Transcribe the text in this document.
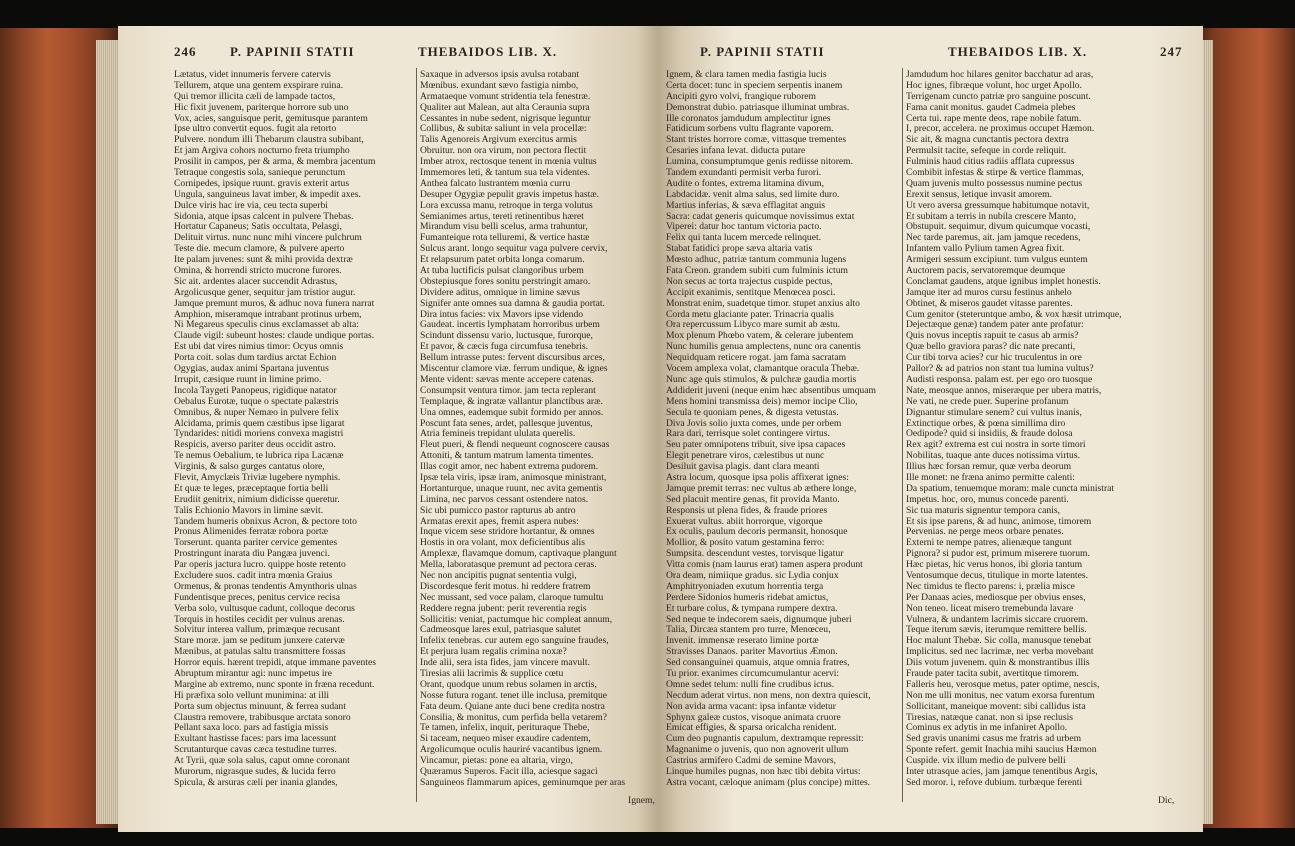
246	P. PAPINII STATII	THEBAIDOS LIB. X.
Lætatus, videt innumeris fervere catervis
Tellurem, atque una gentem exspirare ruina.
Qui tremor illicita cæli de lampade tactos,
Hic fixit juvenem, pariterque horrore sub uno
Vox, acies, sanguisque perit, gemitusque parantem
Ipse ultro convertit equos. fugit ala retorto
Pulvere. nondum illi Thebarum claustra subibant,
Et jam Argiva cohors nocturno freta triumpho
Prosilit in campos, per & arma, & membra jacentum
Tetraque congestis sola, sanieque perunctum
Cornipedes, ipsique ruunt. gravis exterit artus
Ungula, sanguineus lavat imber, & impedit axes.
Dulce viris hac ire via, ceu tecta superbi
Sidonia, atque ipsas calcent in pulvere Thebas.
Hortatur Capaneus; Satis occultata, Pelasgi,
Delituit virtus. nunc nunc mihi vincere pulchrum
Teste die. mecum clamore, & pulvere aperto
Ite palam juvenes: sunt & mihi provida dextræ
Omina, & horrendi stricto mucrone furores.
Sic ait. ardentes alacer succendit Adrastus,
Argolicusque gener, sequitur jam tristior augur.
Jamque premunt muros, & adhuc nova funera narrat
Amphion, miseramque intrabant protinus urbem,
Ni Megareus speculis cinus exclamasset ab alta:
Claude vigil: subeunt hostes: claude undique portas.
Est ubi dat vires nimius timor: Ocyus omnis
Porta coit. solas dum tardius arctat Echion
Ogygias, audax animi Spartana juventus
Irrupit, cæsique ruunt in limine primo.
Incola Taygeti Panopeus, rigidique natator
Oebalus Eurotæ, tuque o spectate palæstris
Omnibus, & nuper Nemæo in pulvere felix
Alcidama, primis quem cæstibus ipse ligarat
Tyndarides: nitidi moriens convexa magistri
Respicis, averso pariter deus occidit astro.
Te nemus Oebalium, te lubrica ripa Lacænæ
Virginis, & salso gurges cantatus olore,
Flevit, Amyclæis Triviæ lugebere nymphis.
Et quæ te leges, præceptaque fortia belli
Erudiit genitrix, nimium didicisse queretur.
Talis Echionio Mavors in limine sævit.
Tandem humeris obnixus Acron, & pectore toto
Pronus Alimenides ferratæ robora portæ
Torserunt. quanta pariter cervice gementes
Prostringunt inarata diu Pangæa juvenci.
Par operis jactura lucro. quippe hoste retento
Excludere suos. cadit intra mœnia Graius
Ormenus, & pronas tendentis Amynthoris ulnas
Fundentisque preces, penitus cervice recisa
Verba solo, vultusque cadunt, colloque decorus
Torquis in hostiles cecidit per vulnus arenas.
Solvitur interea vallum, primæque recusant
Stare moræ. jam se peditum junxere catervæ
Mænibus, at patulas saltu transmittere fossas
Horror equis. hærent trepidi, atque immane paventes
Abruptum mirantur agi: nunc impetus ire
Margine ab extremo, nunc sponte in fræna recedunt.
Hi præfixa solo vellunt munimina: at illi
Porta sum objectus minuunt, & ferrea sudant
Claustra removere, trabibusque arctata sonoro
Pellant saxa loco. pars ad fastigia missis
Exultant hastisse faces: pars ima lacessunt
Scrutanturque cavas cæca testudine turres.
At Tyrii, quæ sola salus, caput omne coronant
Murorum, nigrasque sudes, & lucida ferro
Spicula, & arsuras cæli per inania glandes,
Saxaque in adversos ipsis avulsa rotabant
Mœnibus. exundant sævo fastigia nimbo,
Armataeque vomunt stridentia tela fenestræ.
Qualiter aut Malean, aut alta Ceraunia supra
Cessantes in nube sedent, nigrisque leguntur
Collibus, & subitæ saliunt in vela procellæ:
Talis Agenoreis Argivum exercitus armis
Obruitur. non ora virum, non pectora flectit
Imber atrox, rectosque tenent in mœnia vultus
Immemores leti, & tantum sua tela videntes.
Anthea falcato lustrantem mœnia curru
Desuper Ogygiæ pepulit gravis impetus hastæ.
Lora excussa manu, retroque in terga volutus
Semianimes artus, tereti retinentibus hæret
Mirandum visu belli scelus, arma trahuntur,
Fumanteique rota telluremi, & vertice hastæ
Sulcus arant. longo sequitur vaga pulvere cervix,
Et relapsurum patet orbita longa comarum.
At tuba luctificis pulsat clangoribus urbem
Obstepiusque fores sonitu perstringit amaro.
Dividere aditus, omnique in limine sævus
Signifer ante omnes sua damna & gaudia portat.
Dira intus facies: vix Mavors ipse videndo
Gaudeat. incertis lymphatam horroribus urbem
Scindunt dissensu vario, luctusque, furorque,
Et pavor, & cæcis fuga circumfusa tenebris.
Bellum intrasse putes: fervent discursibus arces,
Miscentur clamore viæ. ferrum undique, & ignes
Mente vident: sævas mente accepere catenas.
Consumpsit ventura timor. jam tecta replerant
Templaque, & ingratæ vallantur planctibus aræ.
Una omnes, eademque subit formido per annos.
Poscunt fata senes, ardet, pallesque juventus,
Atria femineis trepidant ululata querelis.
Fleut pueri, & flendi nequeunt cognoscere causas
Attoniti, & tantum matrum lamenta timentes.
Illas cogit amor, nec habent extrema pudorem.
Ipsæ tela viris, ipsæ iram, animosque ministrant,
Hortanturque, unaque ruunt, nec avita gementis
Limina, nec parvos cessant ostendere natos.
Sic ubi pumicco pastor rapturus ab antro
Armatas erexit apes, fremit aspera nubes:
Inque vicem sese stridore hortantur, & omnes
Hostis in ora volant, mox deficientibus alis
Amplexæ, flavamque domum, captivaque plangunt
Mella, laboratasque premunt ad pectora ceras.
Nec non ancipitis pugnat sententia vulgi,
Discordesque ferit motus. hi reddere fratrem
Nec mussant, sed voce palam, claroque tumultu
Reddere regna jubent: perit reverentia regis
Sollicitis: veniat, pactumque hic compleat annum,
Cadmeosque lares exul, patriasque salutet
Infelix tenebras. cur autem ego sanguine fraudes,
Et perjura luam regalis crimina noxæ?
Inde alii, sera ista fides, jam vincere mavult.
Tiresias alii lacrimis & supplice cœtu
Orant, quodque unum rebus solamen in arctis,
Nosse futura rogant. tenet ille inclusa, premitque
Fata deum. Quiane ante duci bene credita nostra
Consilia, & monitus, cum perfida bella vetarem?
Te tamen, infelix, inquit, perituraque Thebe,
Si taceam, nequeo miser exaudire cadentem,
Argolicumque oculis hauriré vacantibus ignem.
Vincamur, pietas: pone ea altaria, virgo,
Quæramus Superos. Facit illa, aciesque sagaci
Sanguineos flammarum apices, geminumque per aras
Ignem,
P. PAPINII STATII	THEBAIDOS LIB. X.	247
Ignem, & clara tamen media fastigia lucis
Certa docet: tunc in speciem serpentis inanem
Ancipiti gyro volvi, frangique ruborem
Demonstrat dubio. patriasque illuminat umbras.
Ille coronatos jamdudum amplectitur ignes
Fatidicum sorbens vultu flagrante vaporem.
Stant tristes horrore comæ, vittasque trementes
Cesaries infana levat. diducta putare
Lumina, consumptumque genis rediisse nitorem.
Tandem exundanti permisit verba furori.
Audite o fontes, extrema litamina divum,
Labdacidæ. venit alma salus, sed limite duro.
Martius inferias, & sæva efflagitat anguis
Sacra: cadat generis quicumque novissimus extat
Viperei: datur hoc tantum victoria pacto.
Felix qui tanta lucem mercede relinquet.
Stabat fatidici prope sæva altaria vatis
Mœsto adhuc, patriæ tantum communia lugens
Fata Creon. grandem subiti cum fulminis ictum
Non secus ac torta trajectus cuspide pectus,
Accipit exanimis, sentitque Menœcea posci.
Monstrat enim, suadetque timor. stupet anxius alto
Corda metu glaciante pater. Trinacria qualis
Ora repercussum Libyco mare sumit ab æstu.
Mox plenum Phœbo vatem, & celerare jubentem
Nunc humilis genua amplectens, nunc ora canentis
Nequidquam reticere rogat. jam fama sacratam
Vocem amplexa volat, clamantque oracula Thebæ.
Nunc age quis stimulos, & pulchræ gaudia mortis
Addiderit juveni (neque enim hæc absentibus umquam
Mens homini transmissa deis) memor incipe Clio,
Secula te quoniam penes, & digesta vetustas.
Diva Jovis solio juxta comes, unde per orbem
Rara dari, terrisque solet contingere virtus.
Seu pater omnipotens tribuit, sive ipsa capaces
Elegit penetrare viros, cælestibus ut nunc
Desiluit gavisa plagis. dant clara meanti
Astra locum, quosque ipsa polis affixerat ignes:
Jamque premit terras: nec vultus ab æthere longe,
Sed placuit mentire genas, fit provida Manto.
Responsis ut plena fides, & fraude priores
Exuerat vultus. abiit horrorque, vigorque
Ex oculis, paulum decoris permansit, honosque
Mollior, & posito vatum gestamina ferro:
Sumpsita. descendunt vestes, torvisque ligatur
Vitta comis (nam laurus erat) tamen aspera produnt
Ora deam, nimiique gradus. sic Lydia conjux
Amphitryoniaden exutum horrentia terga
Perdere Sidonios humeris ridebat amictus,
Et turbare colus, & tympana rumpere dextra.
Sed neque te indecorem saeis, dignumque juberi
Talia, Dircæa stantem pro turre, Menœceu,
Invenit. immensæ reserato limine portæ
Stravisses Danaos. pariter Mavortius Æmon.
Sed consanguinei quamuis, atque omnia fratres,
Tu prior. exanimes circumcumulantur acervi:
Omne sedet telum: nulli fine crudibus ictus.
Necdum aderat virtus. non mens, non dextra quiescit,
Non avida arma vacant: ipsa infantæ videtur
Sphynx galeæ custos, visoque animata cruore
Emicat effigies, & sparsa oricalcha renident.
Cum deo pugnantis capulum, dextramque repressit:
Magnanime o juvenis, quo non agnoverit ullum
Castrius armifero Cadmi de semine Mavors,
Linque humiles pugnas, non hæc tibi debita virtus:
Astra vocant, cæloque animam (plus concipe) mittes.
Jamdudum hoc hilares genitor bacchatur ad aras,
Hoc ignes, fibræque volunt, hoc urget Apollo.
Terrigenam cuncto patriæ pro sanguine poscunt.
Fama canit monitus. gaudet Cadmeia plebes
Certa tui. rape mente deos, rape nobile fatum.
I, precor, accelera. ne proximus occupet Hæmon.
Sic ait, & magna cunctantis pectora dextra
Permulsit tacite, sefeque in corde reliquit.
Fulminis haud citius radiis afflata cupressus
Combibit infestas & stirpe & vertice flammas,
Quam juvenis multo possessus numine pectus
Erexit sensus, letique invasit amorem.
Ut vero aversa gressumque habitumque notavit,
Et subitam a terris in nubila crescere Manto,
Obstupuit. sequimur, divum quicumque vocasti,
Nec tarde paremus, ait. jam jamque recedens,
Infantem vallo Pylium tamen Agrea fixit.
Armigeri sessum excipiunt. tum vulgus euntem
Auctorem pacis, servatoremque deumque
Conclamat gaudens, atque ignibus implet honestis.
Jamque iter ad muros cursu festinus anhelo
Obtinet, & miseros gaudet vitasse parentes.
Cum genitor (steteruntque ambo, & vox hæsit utrimque,
Dejectæque genæ) tandem pater ante profatur:
Quis novus inceptis rapuit te casus ab armis?
Quæ bello graviora paras? dic nate precanti,
Cur tibi torva acies? cur hic truculentus in ore
Pallor? & ad patrios non stant tua lumina vultus?
Audisti responsa. palam est. per ego oro tuosque
Nate, meosque annos, miseræque per ubera matris,
Ne vati, ne crede puer. Superine profanum
Dignantur stimulare senem? cui vultus inanis,
Extinctique orbes, & pœna simillima diro
Oedipode? quid si insidiis, & fraude dolosa
Rex agit? extrema est cui nostra in sorte timori
Nobilitas, tuaque ante duces notissima virtus.
Illius hæc forsan remur, quæ verba deorum
Ille monet: ne fræna animo permitte calenti:
Da spatium, tenuemque moram: male cuncta ministrat
Impetus. hoc, oro, munus concede parenti.
Sic tua maturis signentur tempora canis,
Et sis ipse parens, & ad hunc, animose, timorem
Pervenias. ne perge meos orbare penates.
Externi te nempe patres, alienæque tangunt
Pignora? si pudor est, primum miserere tuorum.
Hæc pietas, hic verus honos, ibi gloria tantum
Ventosumque decus, titulique in morte latentes.
Nec timidus te flecto parens: i, prælia misce
Per Danaas acies, mediosque per obvius enses,
Non teneo. liceat misero tremebunda lavare
Vulnera, & undantem lacrimis siccare cruorem.
Teque iterum sævis, iterumque remittere bellis.
Hoc malunt Thebæ. Sic colla, manusque tenebat
Implicitus. sed nec lacrimæ, nec verba movebant
Diis votum juvenem. quin & monstrantibus illis
Fraude pater tacita subit, avertitque timorem.
Falleris heu, verosque metus, pater optime, nescis,
Non me ulli monitus, nec vatum exorsa furentum
Sollicitant, maneique movent: sibi callidus ista
Tiresias, natæque canat. non si ipse reclusis
Cominus ex adytis in me infaniret Apollo.
Sed gravis unanimi casus me fratris ad urbem
Sponte refert. gemit Inachia mihi saucius Hæmon
Cuspide. vix illum medio de pulvere belli
Inter utrasque acies, jam jamque tenentibus Argis,
Sed moror. i, refove dubium. turbæque ferenti
Dic,
